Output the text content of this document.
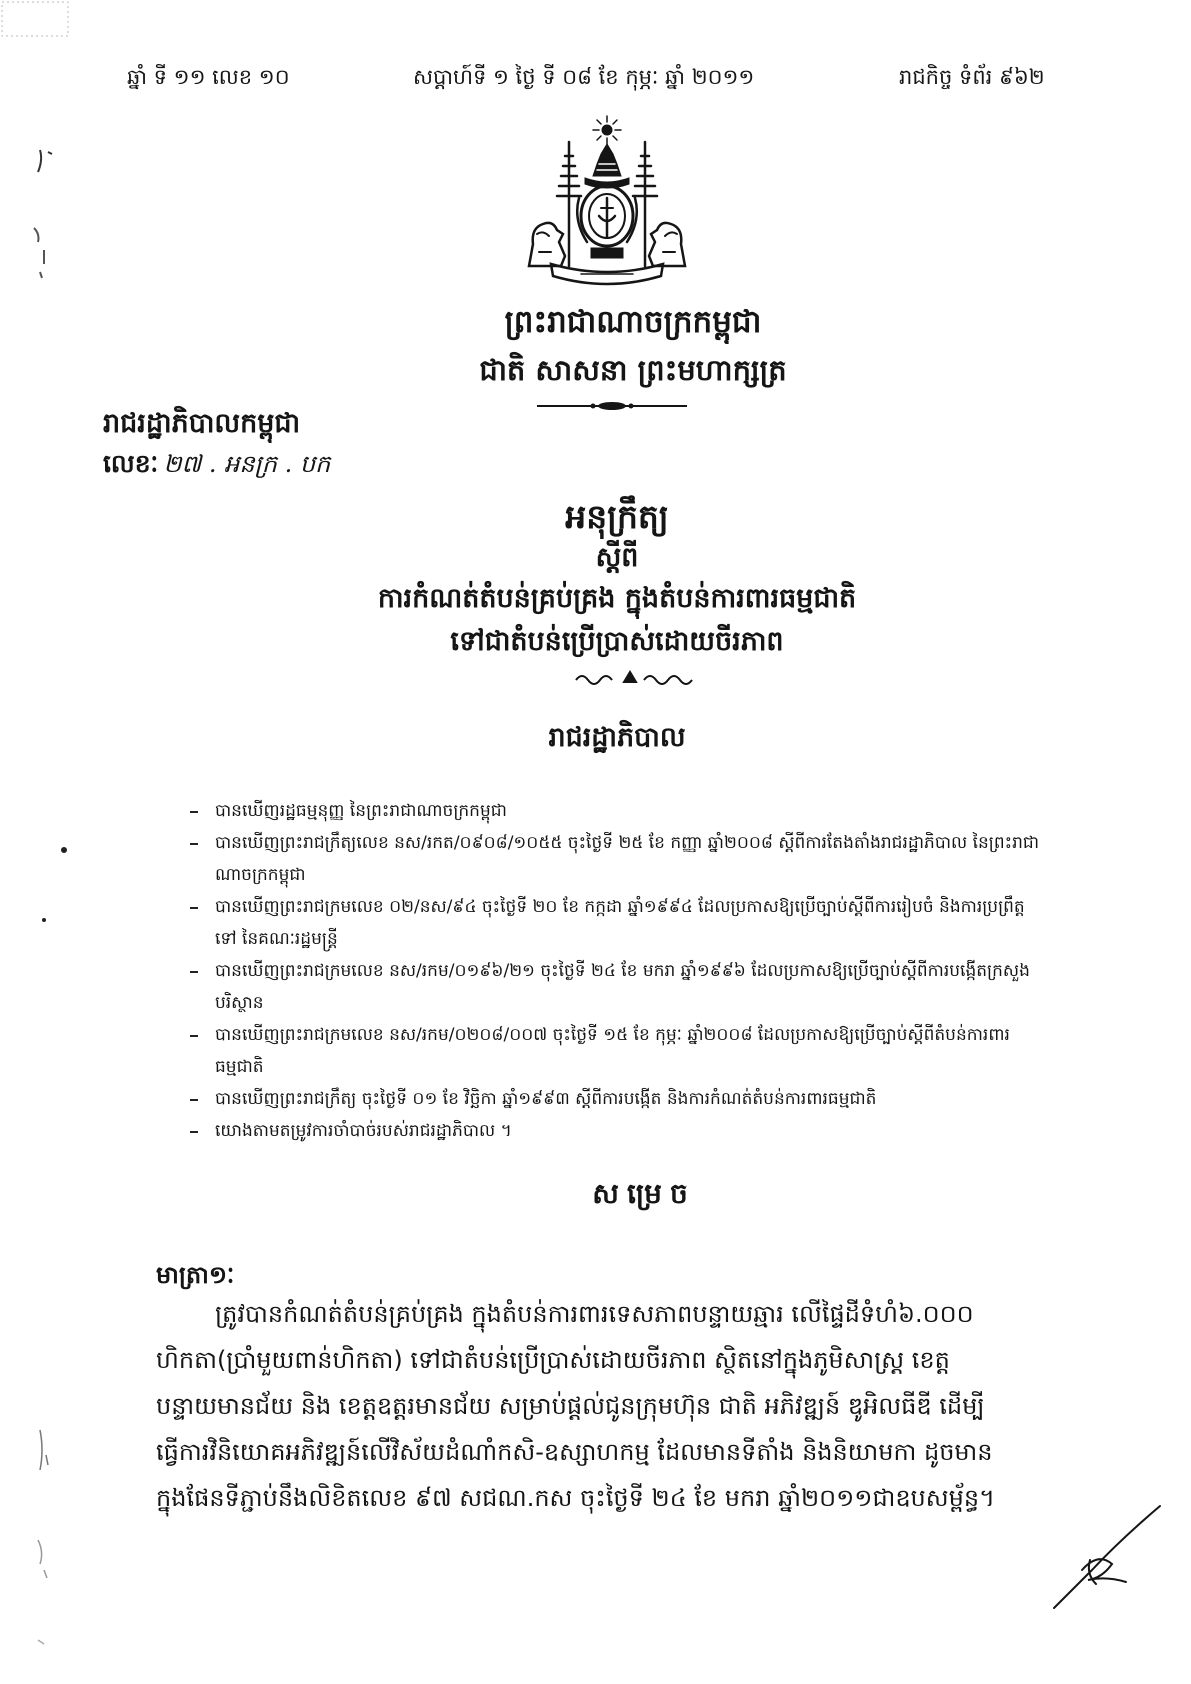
ឆ្នាំ ទី ១១ លេខ ១០	សប្តាហ៍ទី ១ ថ្ងៃ ទី ០៨ ខែ កុម្ភៈ ឆ្នាំ ២០១១	រាជកិច្ច ទំព័រ ៩៦២
ព្រះរាជាណាចក្រកម្ពុជា
ជាតិ សាសនា ព្រះមហាក្សត្រ
រាជរដ្ឋាភិបាលកម្ពុជា
លេខៈ ២៧ . អនក្រ . បក
អនុក្រឹត្យ
ស្តីពី
ការកំណត់តំបន់គ្រប់គ្រង ក្នុងតំបន់ការពារធម្មជាតិ
ទៅជាតំបន់ប្រើប្រាស់ដោយចីរភាព
រាជរដ្ឋាភិបាល
បានឃើញរដ្ឋធម្មនុញ្ញ នៃព្រះរាជាណាចក្រកម្ពុជា
បានឃើញព្រះរាជក្រឹត្យលេខ នស/រកត/០៩០៨/១០៥៥ ចុះថ្ងៃទី ២៥ ខែ កញ្ញា ឆ្នាំ២០០៨ ស្តីពីការតែងតាំងរាជរដ្ឋាភិបាល នៃព្រះរាជា
ណាចក្រកម្ពុជា
បានឃើញព្រះរាជក្រមលេខ ០២/នស/៩៤ ចុះថ្ងៃទី ២០ ខែ កក្កដា ឆ្នាំ១៩៩៤ ដែលប្រកាសឱ្យប្រើច្បាប់ស្តីពីការរៀបចំ និងការប្រព្រឹត្ត
ទៅ នៃគណៈរដ្ឋមន្ត្រី
បានឃើញព្រះរាជក្រមលេខ នស/រកម/០១៩៦/២១ ចុះថ្ងៃទី ២៤ ខែ មករា ឆ្នាំ១៩៩៦ ដែលប្រកាសឱ្យប្រើច្បាប់ស្តីពីការបង្កើតក្រសួង
បរិស្ថាន
បានឃើញព្រះរាជក្រមលេខ នស/រកម/០២០៨/០០៧ ចុះថ្ងៃទី ១៥ ខែ កុម្ភៈ ឆ្នាំ២០០៨ ដែលប្រកាសឱ្យប្រើច្បាប់ស្តីពីតំបន់ការពារ
ធម្មជាតិ
បានឃើញព្រះរាជក្រឹត្យ ចុះថ្ងៃទី ០១ ខែ វិច្ឆិកា ឆ្នាំ១៩៩៣ ស្តីពីការបង្កើត និងការកំណត់តំបន់ការពារធម្មជាតិ
យោងតាមតម្រូវការចាំបាច់របស់រាជរដ្ឋាភិបាល ។
សម្រេច
មាត្រា១ៈ
ត្រូវបានកំណត់តំបន់គ្រប់គ្រង ក្នុងតំបន់ការពារទេសភាពបន្ទាយឆ្មារ លើផ្ទៃដីទំហំ៦.០០០
ហិកតា(ប្រាំមួយពាន់ហិកតា) ទៅជាតំបន់ប្រើប្រាស់ដោយចីរភាព ស្ថិតនៅក្នុងភូមិសាស្ត្រ ខេត្ត
បន្ទាយមានជ័យ និង ខេត្តឧត្តរមានជ័យ សម្រាប់ផ្តល់ជូនក្រុមហ៊ុន ជាតិ អភិវឌ្ឍន៍ ឌូអិលធីឌី ដើម្បី
ធ្វើការវិនិយោគអភិវឌ្ឍន៍លើវិស័យដំណាំកសិ-ឧស្សាហកម្ម ដែលមានទីតាំង និងនិយាមកា ដូចមាន
ក្នុងផែនទីភ្ជាប់នឹងលិខិតលេខ ៩៧ សជណ.កស ចុះថ្ងៃទី ២៤ ខែ មករា ឆ្នាំ២០១១ជាឧបសម្ព័ន្ធ។
